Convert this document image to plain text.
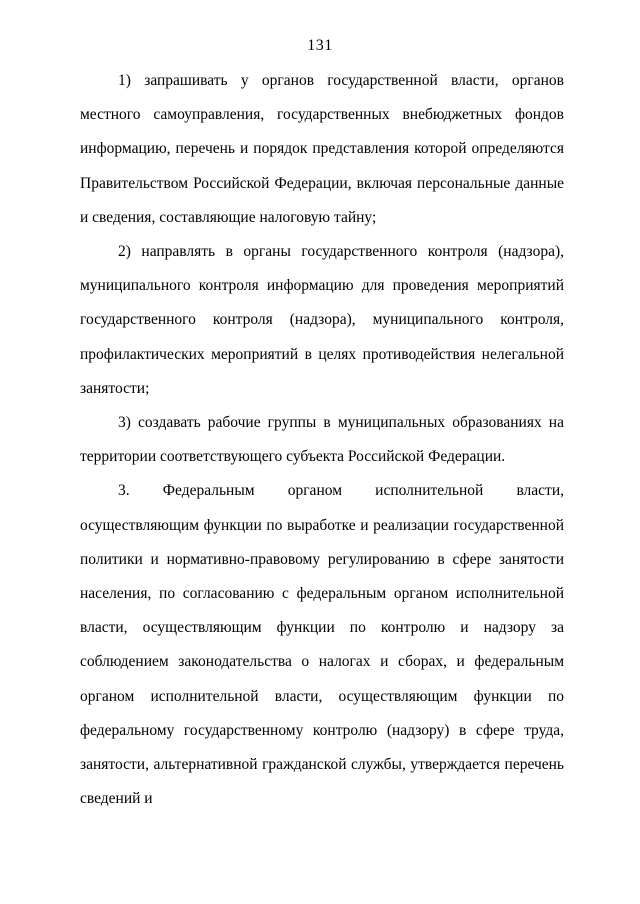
131

1) запрашивать у органов государственной власти, органов местного самоуправления, государственных внебюджетных фондов информацию, перечень и порядок представления которой определяются Правительством Российской Федерации, включая персональные данные и сведения, составляющие налоговую тайну;

2) направлять в органы государственного контроля (надзора), муниципального контроля информацию для проведения мероприятий государственного контроля (надзора), муниципального контроля, профилактических мероприятий в целях противодействия нелегальной занятости;

3) создавать рабочие группы в муниципальных образованиях на территории соответствующего субъекта Российской Федерации.

3. Федеральным органом исполнительной власти, осуществляющим функции по выработке и реализации государственной политики и нормативно-правовому регулированию в сфере занятости населения, по согласованию с федеральным органом исполнительной власти, осуществляющим функции по контролю и надзору за соблюдением законодательства о налогах и сборах, и федеральным органом исполнительной власти, осуществляющим функции по федеральному государственному контролю (надзору) в сфере труда, занятости, альтернативной гражданской службы, утверждается перечень сведений и
